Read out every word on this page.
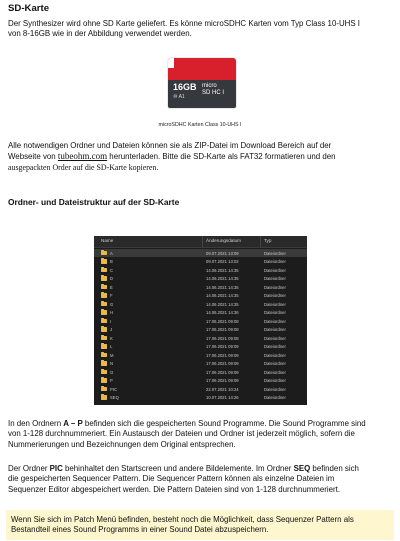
SD-Karte

Der Synthesizer wird ohne SD Karte geliefert. Es könne microSDHC Karten vom Typ Class 10-UHS I
von 8-16GB wie in der Abbildung verwendet werden.

16GB
⑩ A1
micro
SD HC I
microSDHC Karten Class 10-UHS I

Alle notwendigen Ordner und Dateien können sie als ZIP-Datei im Download Bereich auf der
Webseite von tubeohm.com herunterladen. Bitte die SD-Karte als FAT32 formatieren und den
ausgepackten Order auf die SD-Karte kopieren.

Ordner- und Dateistruktur auf der SD-Karte
Name	Änderungsdatum	Typ
A	09.07.2021 13:09	Dateiordner
B	09.07.2021 13:02	Dateiordner
C	14.06.2021 14:35	Dateiordner
D	14.06.2021 14:35	Dateiordner
E	14.06.2021 14:35	Dateiordner
F	14.06.2021 14:35	Dateiordner
G	14.06.2021 14:35	Dateiordner
H	14.06.2021 14:36	Dateiordner
I	17.06.2021 09:08	Dateiordner
J	17.06.2021 09:08	Dateiordner
K	17.06.2021 09:08	Dateiordner
L	17.06.2021 09:09	Dateiordner
M	17.06.2021 09:09	Dateiordner
N	17.06.2021 09:09	Dateiordner
O	17.06.2021 09:09	Dateiordner
P	17.06.2021 09:09	Dateiordner
PIC	22.07.2021 10:24	Dateiordner
SEQ	10.07.2021 14:26	Dateiordner

In den Ordnern A – P befinden sich die gespeicherten Sound Programme. Die Sound Programme sind
von 1-128 durchnummeriert. Ein Austausch der Dateien und Ordner ist jederzeit möglich, sofern die
Nummerierungen und Bezeichnungen dem Original entsprechen.

Der Ordner PIC behinhaltet den Startscreen und andere Bildelemente. Im Ordner SEQ befinden sich
die gespeicherten Sequencer Pattern. Die Sequencer Pattern können als einzelne Dateien im
Sequenzer Editor abgespeichert werden. Die Pattern Dateien sind von 1-128 durchnummeriert.

Wenn Sie sich im Patch Menü befinden, besteht noch die Möglichkeit, dass Sequenzer Pattern als
Bestandteil eines Sound Programms in einer Sound Datei abzuspeichern.
